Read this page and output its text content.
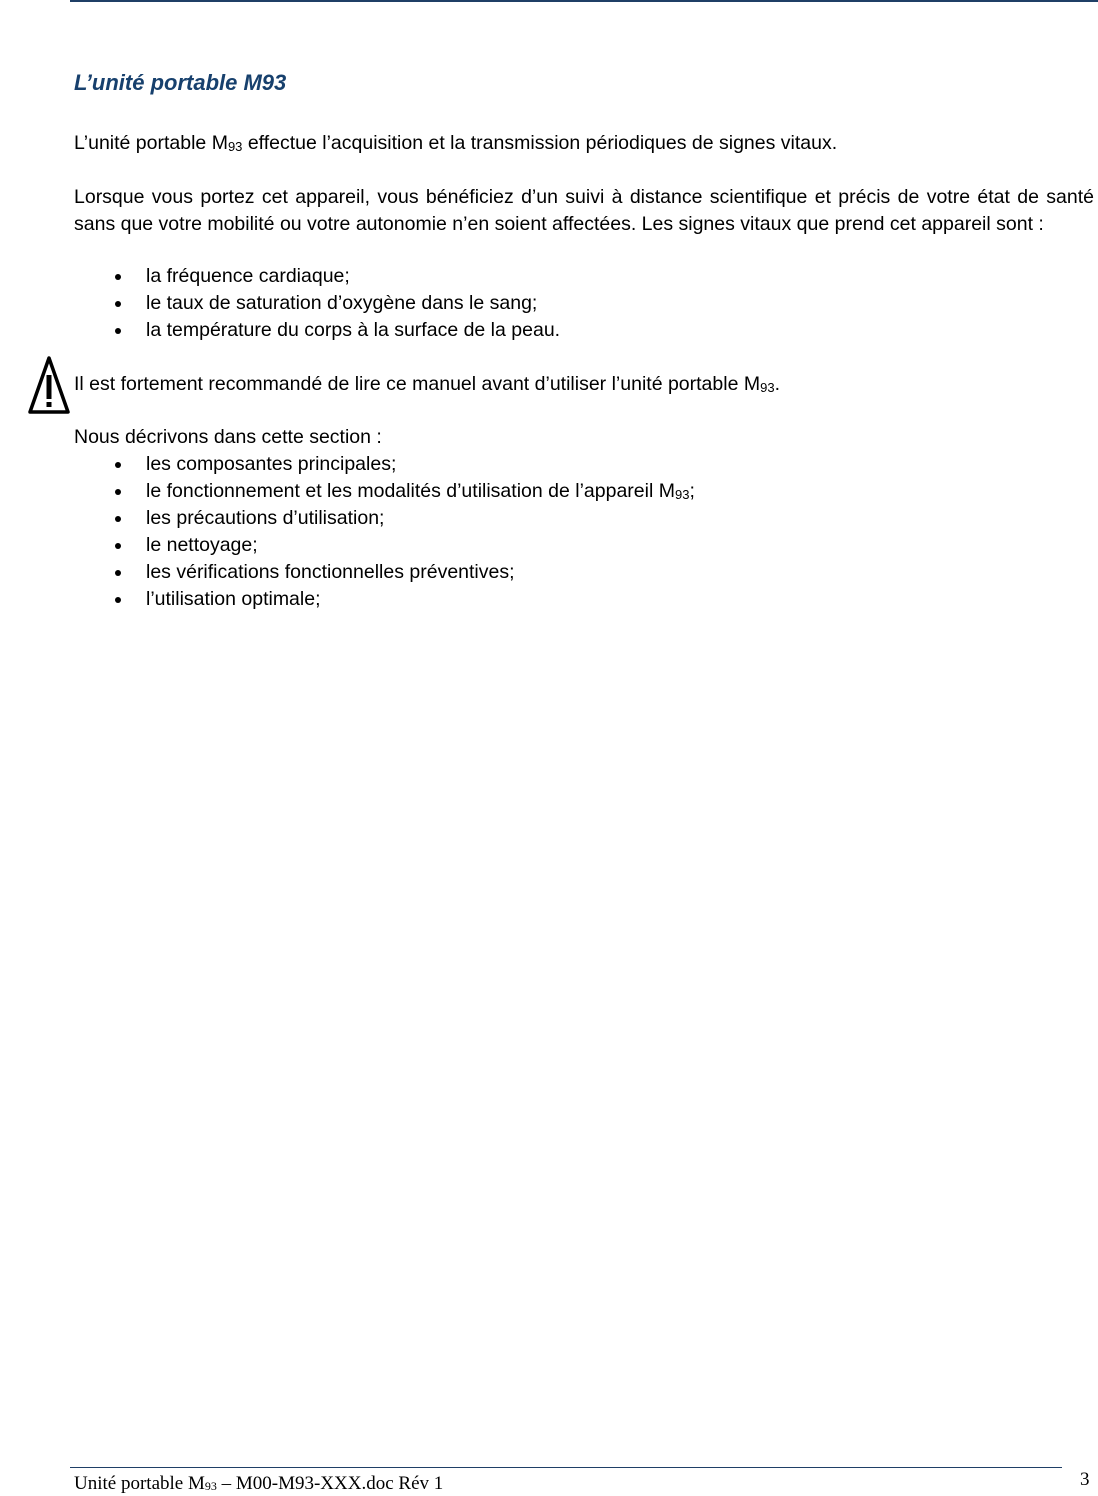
L’unité portable M93

L’unité portable $M_{93}$ effectue l’acquisition et la transmission périodiques de signes vitaux.

Lorsque vous portez cet appareil, vous bénéficiez d’un suivi à distance scientifique et précis de votre état de santé sans que votre mobilité ou votre autonomie n’en soient affectées. Les signes vitaux que prend cet appareil sont :

la fréquence cardiaque;
le taux de saturation d’oxygène dans le sang;
la température du corps à la surface de la peau.

Il est fortement recommandé de lire ce manuel avant d’utiliser l’unité portable $M_{93}$.

Nous décrivons dans cette section :

les composantes principales;
le fonctionnement et les modalités d’utilisation de l’appareil $M_{93}$;
les précautions d’utilisation;
le nettoyage;
les vérifications fonctionnelles préventives;
l’utilisation optimale;
Unité portable $M_{93} - M00-M93-XXX.doc$ Rév 1	3
